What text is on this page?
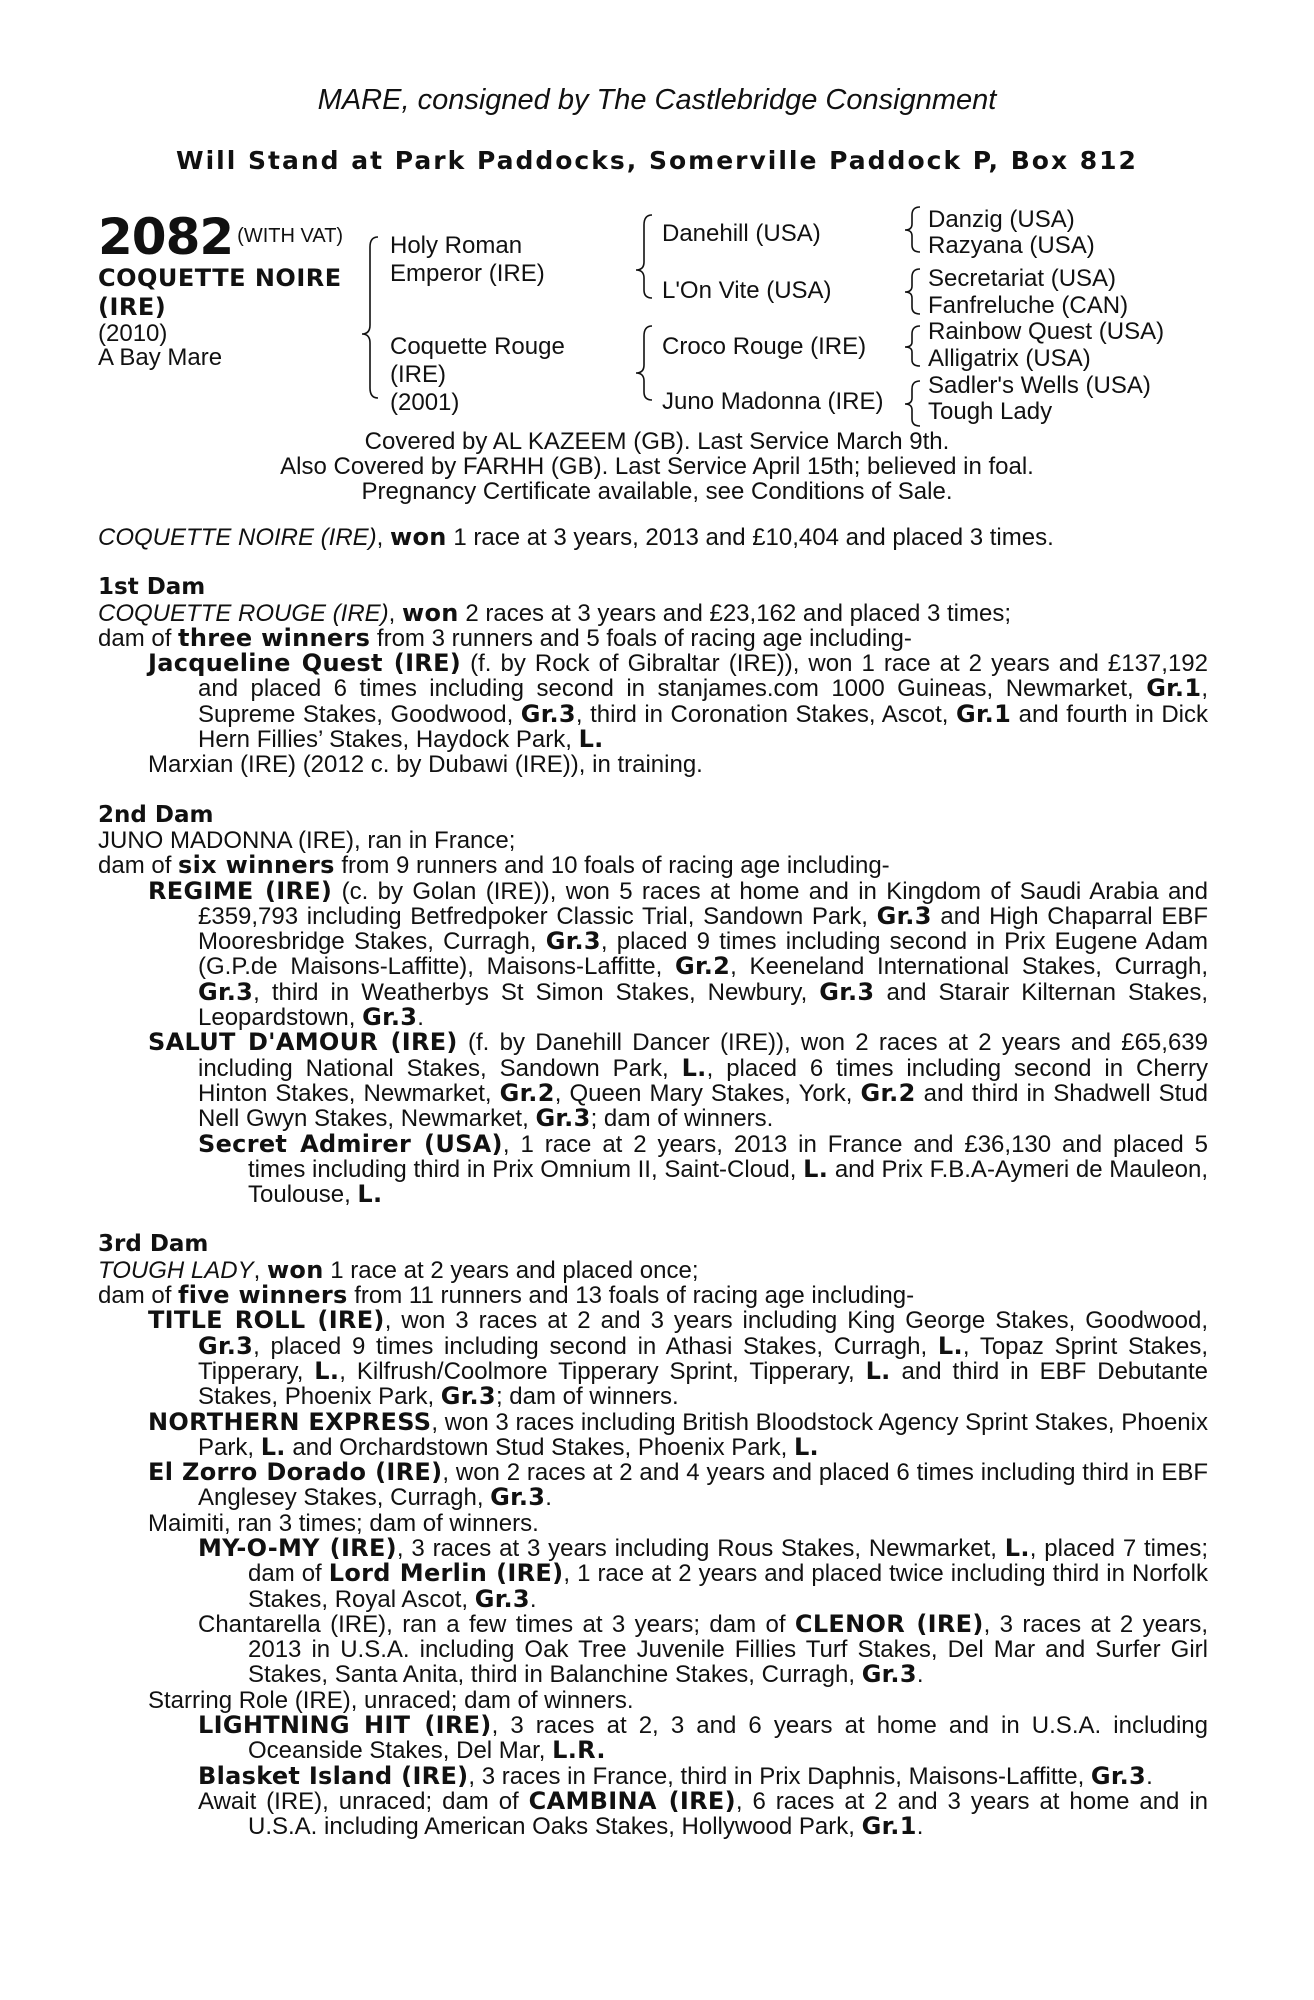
MARE, consigned by The Castlebridge Consignment
Will Stand at Park Paddocks, Somerville Paddock P, Box 812
2082 (WITH VAT)
COQUETTE NOIRE
(IRE)
(2010)
A Bay Mare
Holy Roman
Emperor (IRE)
Coquette Rouge
(IRE)
(2001)
Danehill (USA)
L'On Vite (USA)
Croco Rouge (IRE)
Juno Madonna (IRE)
Danzig (USA)
Razyana (USA)
Secretariat (USA)
Fanfreluche (CAN)
Rainbow Quest (USA)
Alligatrix (USA)
Sadler's Wells (USA)
Tough Lady
Covered by AL KAZEEM (GB). Last Service March 9th.
Also Covered by FARHH (GB). Last Service April 15th; believed in foal.
Pregnancy Certificate available, see Conditions of Sale.

COQUETTE NOIRE (IRE), won 1 race at 3 years, 2013 and £10,404 and placed 3 times.

1st Dam

COQUETTE ROUGE (IRE), won 2 races at 3 years and £23,162 and placed 3 times;

dam of three winners from 3 runners and 5 foals of racing age including-

Jacqueline Quest (IRE) (f. by Rock of Gibraltar (IRE)), won 1 race at 2 years and £137,192 and placed 6 times including second in stanjames.com 1000 Guineas, Newmarket, Gr.1, Supreme Stakes, Goodwood, Gr.3, third in Coronation Stakes, Ascot, Gr.1 and fourth in Dick Hern Fillies’ Stakes, Haydock Park, L.

Marxian (IRE) (2012 c. by Dubawi (IRE)), in training.

2nd Dam

JUNO MADONNA (IRE), ran in France;

dam of six winners from 9 runners and 10 foals of racing age including-

REGIME (IRE) (c. by Golan (IRE)), won 5 races at home and in Kingdom of Saudi Arabia and £359,793 including Betfredpoker Classic Trial, Sandown Park, Gr.3 and High Chaparral EBF Mooresbridge Stakes, Curragh, Gr.3, placed 9 times including second in Prix Eugene Adam (G.P.de Maisons-Laffitte), Maisons-Laffitte, Gr.2, Keeneland International Stakes, Curragh, Gr.3, third in Weatherbys St Simon Stakes, Newbury, Gr.3 and Starair Kilternan Stakes, Leopardstown, Gr.3.

SALUT D'AMOUR (IRE) (f. by Danehill Dancer (IRE)), won 2 races at 2 years and £65,639 including National Stakes, Sandown Park, L., placed 6 times including second in Cherry Hinton Stakes, Newmarket, Gr.2, Queen Mary Stakes, York, Gr.2 and third in Shadwell Stud Nell Gwyn Stakes, Newmarket, Gr.3; dam of winners.

Secret Admirer (USA), 1 race at 2 years, 2013 in France and £36,130 and placed 5 times including third in Prix Omnium II, Saint-Cloud, L. and Prix F.B.A-Aymeri de Mauleon, Toulouse, L.

3rd Dam

TOUGH LADY, won 1 race at 2 years and placed once;

dam of five winners from 11 runners and 13 foals of racing age including-

TITLE ROLL (IRE), won 3 races at 2 and 3 years including King George Stakes, Goodwood, Gr.3, placed 9 times including second in Athasi Stakes, Curragh, L., Topaz Sprint Stakes, Tipperary, L., Kilfrush/Coolmore Tipperary Sprint, Tipperary, L. and third in EBF Debutante Stakes, Phoenix Park, Gr.3; dam of winners.

NORTHERN EXPRESS, won 3 races including British Bloodstock Agency Sprint Stakes, Phoenix Park, L. and Orchardstown Stud Stakes, Phoenix Park, L.

El Zorro Dorado (IRE), won 2 races at 2 and 4 years and placed 6 times including third in EBF Anglesey Stakes, Curragh, Gr.3.

Maimiti, ran 3 times; dam of winners.

MY-O-MY (IRE), 3 races at 3 years including Rous Stakes, Newmarket, L., placed 7 times; dam of Lord Merlin (IRE), 1 race at 2 years and placed twice including third in Norfolk Stakes, Royal Ascot, Gr.3.

Chantarella (IRE), ran a few times at 3 years; dam of CLENOR (IRE), 3 races at 2 years, 2013 in U.S.A. including Oak Tree Juvenile Fillies Turf Stakes, Del Mar and Surfer Girl Stakes, Santa Anita, third in Balanchine Stakes, Curragh, Gr.3.

Starring Role (IRE), unraced; dam of winners.

LIGHTNING HIT (IRE), 3 races at 2, 3 and 6 years at home and in U.S.A. including Oceanside Stakes, Del Mar, L.R.

Blasket Island (IRE), 3 races in France, third in Prix Daphnis, Maisons-Laffitte, Gr.3.

Await (IRE), unraced; dam of CAMBINA (IRE), 6 races at 2 and 3 years at home and in U.S.A. including American Oaks Stakes, Hollywood Park, Gr.1.
